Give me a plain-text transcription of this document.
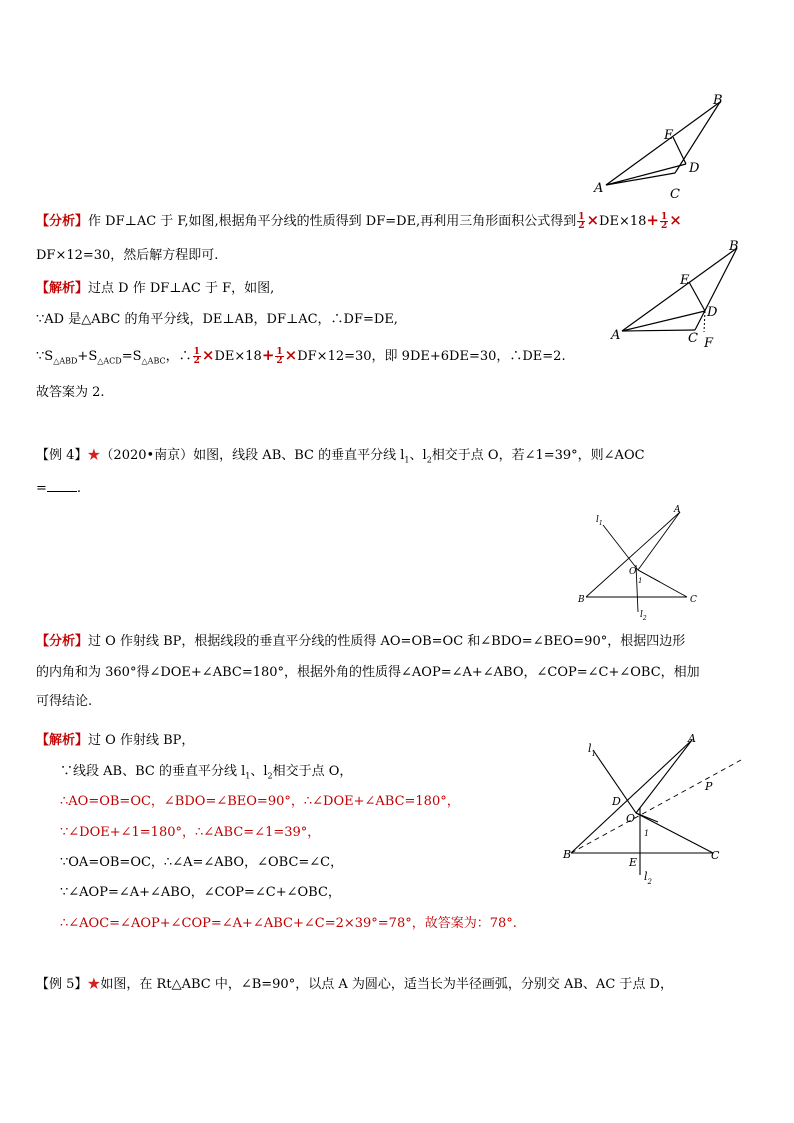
B
E
D
A	C
【分析】作 DF⊥AC 于 F,如图,根据角平分线的性质得到 DF=DE,再利用三角形面积公式得到 $\frac{1}{2} \times DE\times 18+ \frac{1}{2}$ ×
DF×12=30，然后解方程即可.
B
E
D
A	C F
【解析】过点 D 作 DF⊥AC 于 F，如图,
∵AD 是△ABC 的角平分线，DE⊥AB，DF⊥AC，∴DF=DE,
$\because S_{\triangle ABD}+S_{\triangle ACD}=S_{\triangle ABC}$，∴ $\frac{1}{2} \times DE\times 18+ \frac{1}{2} \times DF\times 12=30$，即 9DE+6DE=30，∴DE=2.
故答案为 2.
【例 4】★（2020•南京）如图，线段 AB、BC 的垂直平分线 $l_1$、$l_2$相交于点 O，若∠1=39°，则∠AOC
= .
$l_1$
A
O
1
B	C
$l_2$
【分析】过 O 作射线 BP，根据线段的垂直平分线的性质得 AO=OB=OC 和∠BDO=∠BEO=90°，根据四边形
的内角和为 360°得∠DOE+∠ABC=180°，根据外角的性质得∠AOP=∠A+∠ABO，∠COP=∠C+∠OBC，相加
可得结论.
$l_1$
A
P
D
O
1
B
E
C
$l_2$
【解析】过 O 作射线 BP，
∵线段 AB、BC 的垂直平分线 $l_1$、$l_2$相交于点 O，
∴AO=OB=OC，∠BDO=∠BEO=90°，∴∠DOE+∠ABC=180°，
∵∠DOE+∠1=180°，∴∠ABC=∠1=39°，
∵OA=OB=OC，∴∠A=∠ABO，∠OBC=∠C，
∵∠AOP=∠A+∠ABO，∠COP=∠C+∠OBC，
∴∠AOC=∠AOP+∠COP=∠A+∠ABC+∠C=2×39°=78°，故答案为：78°.
【例 5】★如图，在 Rt△ABC 中，∠B=90°，以点 A 为圆心，适当长为半径画弧，分别交 AB、AC 于点 D，
